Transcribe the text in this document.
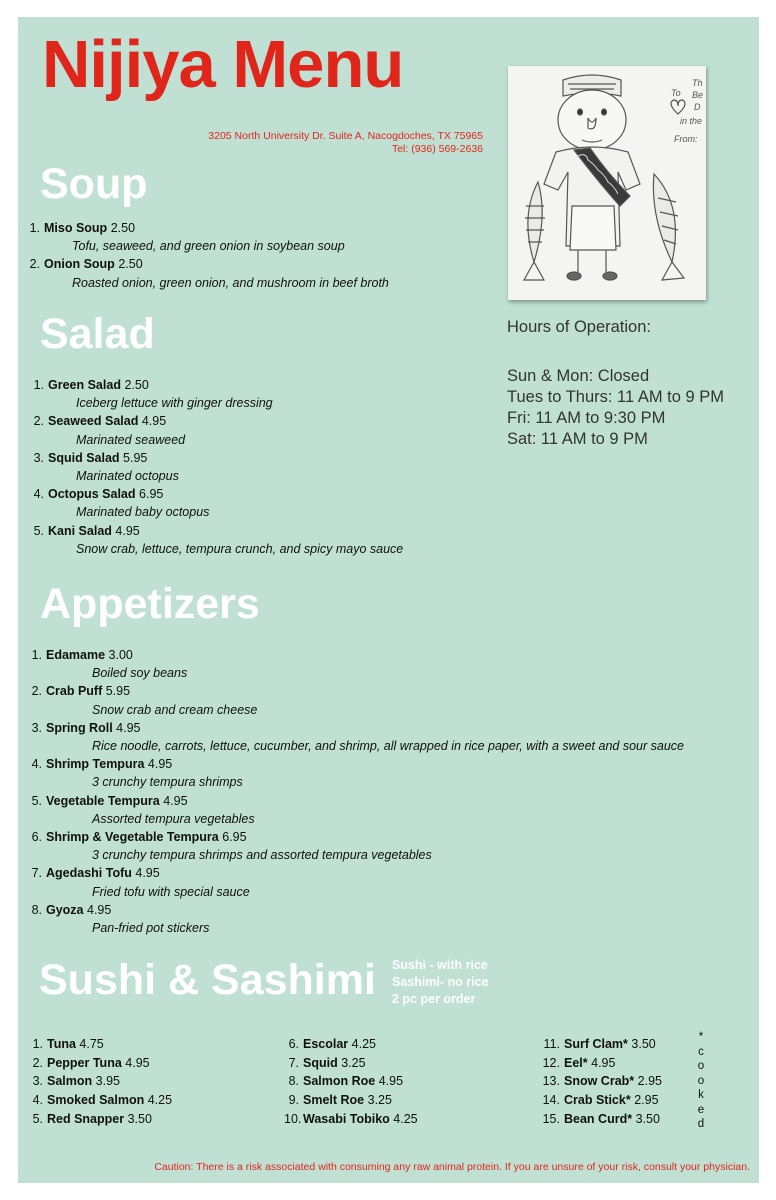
Nijiya Menu
3205 North University Dr. Suite A, Nacogdoches, TX 75965
Tel: (936) 569-2636
Soup
1. Miso Soup 2.50
Tofu, seaweed, and green onion in soybean soup
2. Onion Soup 2.50
Roasted onion, green onion, and mushroom in beef broth
Salad
1. Green Salad 2.50
Iceberg lettuce with ginger dressing
2. Seaweed Salad 4.95
Marinated seaweed
3. Squid Salad 5.95
Marinated octopus
4. Octopus Salad 6.95
Marinated baby octopus
5. Kani Salad 4.95
Snow crab, lettuce, tempura crunch, and spicy mayo sauce
Appetizers
1. Edamame 3.00
Boiled soy beans
2. Crab Puff 5.95
Snow crab and cream cheese
3. Spring Roll 4.95
Rice noodle, carrots, lettuce, cucumber, and shrimp, all wrapped in rice paper, with a sweet and sour sauce
4. Shrimp Tempura 4.95
3 crunchy tempura shrimps
5. Vegetable Tempura 4.95
Assorted tempura vegetables
6. Shrimp & Vegetable Tempura 6.95
3 crunchy tempura shrimps and assorted tempura vegetables
7. Agedashi Tofu 4.95
Fried tofu with special sauce
8. Gyoza 4.95
Pan-fried pot stickers
To
Th
Be
D
in the
From:
Hours of Operation:
Sun & Mon: Closed
Tues to Thurs: 11 AM to 9 PM
Fri: 11 AM to 9:30 PM
Sat: 11 AM to 9 PM
Sushi & Sashimi Sushi - with rice
Sashimi- no rice
2 pc per order
1. Tuna 4.75
2. Pepper Tuna 4.95
3. Salmon 3.95
4. Smoked Salmon 4.25
5. Red Snapper 3.50
6. Escolar 4.25
7. Squid 3.25
8. Salmon Roe 4.95
9. Smelt Roe 3.25
10. Wasabi Tobiko 4.25
11. Surf Clam* 3.50
12. Eel* 4.95
13. Snow Crab* 2.95
14. Crab Stick* 2.95
15. Bean Curd* 3.50
*
c
o
o
k
e
d
Caution: There is a risk associated with consuming any raw animal protein. If you are unsure of your risk, consult your physician.
